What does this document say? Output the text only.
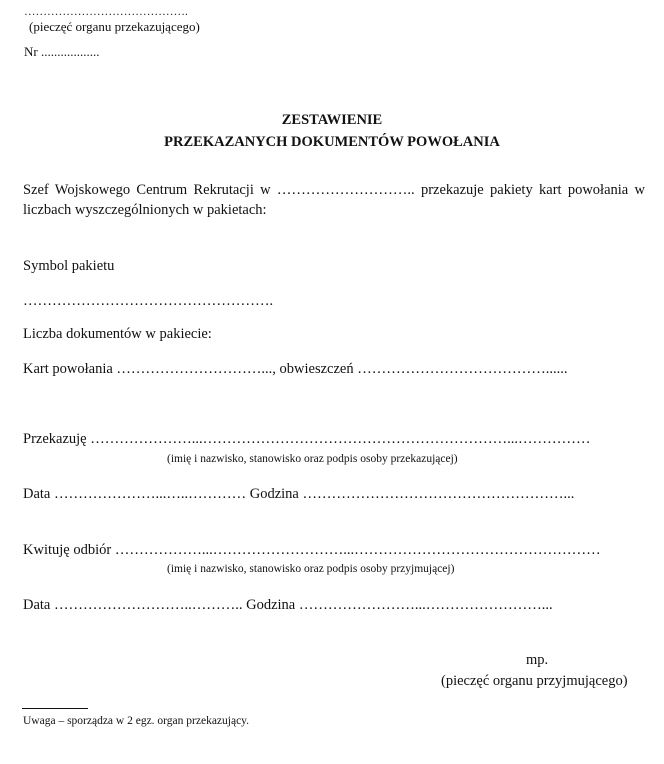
…………………………………….
(pieczęć organu przekazującego)
Nr ..................
ZESTAWIENIE
PRZEKAZANYCH DOKUMENTÓW POWOŁANIA
Szef Wojskowego Centrum Rekrutacji w ……………………….. przekazuje pakiety kart powołania w liczbach wyszczególnionych w pakietach:
Symbol pakietu
…………………………………………….
Liczba dokumentów w pakiecie:
Kart powołania …………………………..., obwieszczeń …………………………………......
Przekazuję …………………...………………………………………………………...……………
(imię i nazwisko, stanowisko oraz podpis osoby przekazującej)
Data …………………...…..………… Godzina ………………………………………………...
Kwituję odbiór ………………...………………………...……………………………………………
(imię i nazwisko, stanowisko oraz podpis osoby przyjmującej)
Data ………………………..……….. Godzina ……………………...……………………...
mp.
(pieczęć organu przyjmującego)
Uwaga – sporządza w 2 egz. organ przekazujący.
